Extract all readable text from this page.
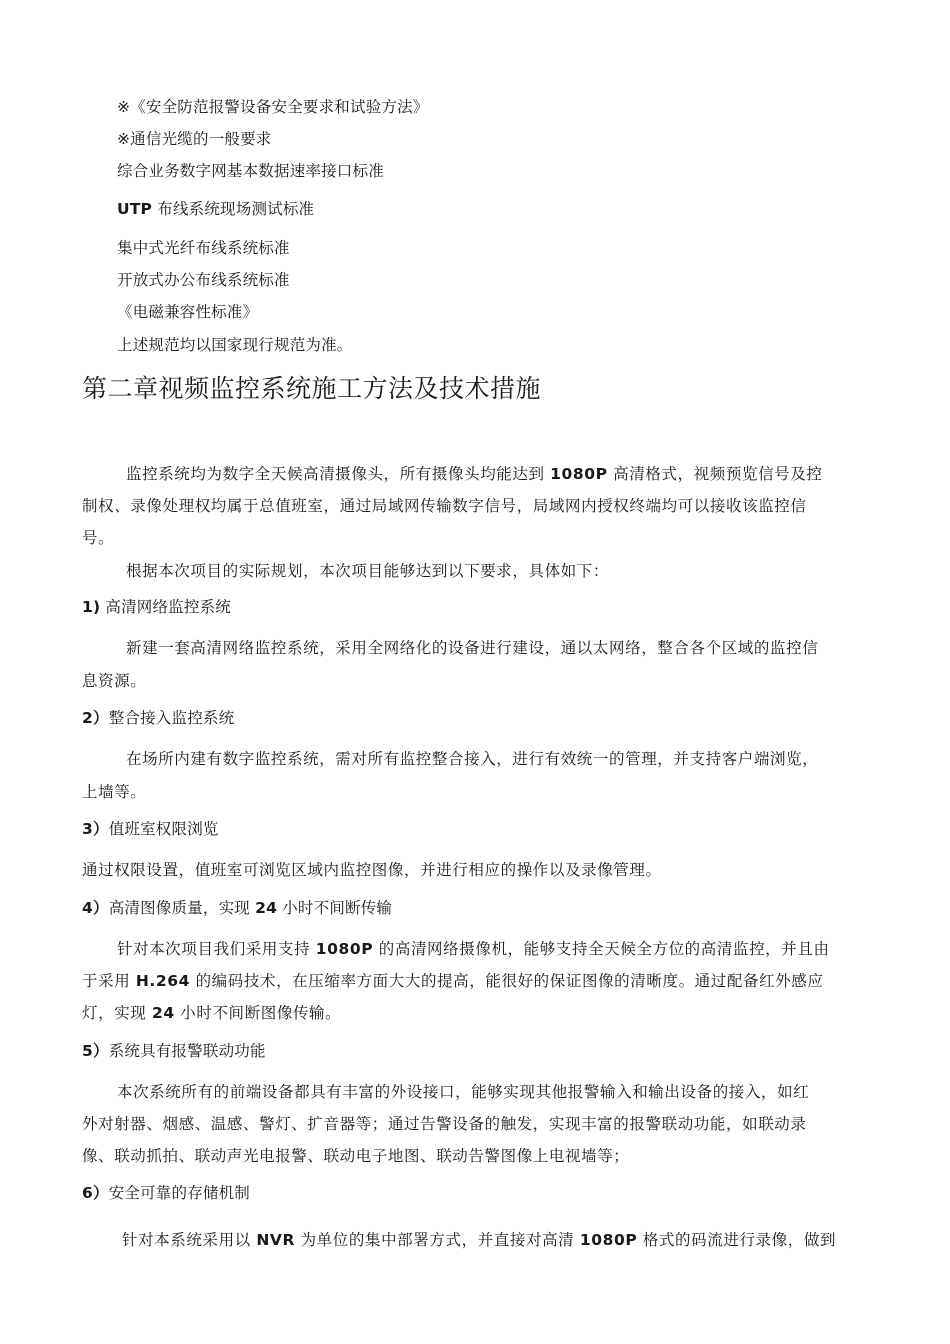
※《安全防范报警设备安全要求和试验方法》
※通信光缆的一般要求
综合业务数字网基本数据速率接口标准
UTP 布线系统现场测试标准
集中式光纤布线系统标准
开放式办公布线系统标准
《电磁兼容性标准》
上述规范均以国家现行规范为准。
第二章视频监控系统施工方法及技术措施
监控系统均为数字全天候高清摄像头，所有摄像头均能达到 1080P 高清格式，视频预览信号及控
制权、录像处理权均属于总值班室，通过局域网传输数字信号，局域网内授权终端均可以接收该监控信
号。
根据本次项目的实际规划，本次项目能够达到以下要求，具体如下：
1) 高清网络监控系统
新建一套高清网络监控系统，采用全网络化的设备进行建设，通以太网络，整合各个区域的监控信
息资源。
2）整合接入监控系统
在场所内建有数字监控系统，需对所有监控整合接入，进行有效统一的管理，并支持客户端浏览，
上墙等。
3）值班室权限浏览
通过权限设置，值班室可浏览区域内监控图像，并进行相应的操作以及录像管理。
4）高清图像质量，实现 24 小时不间断传输
针对本次项目我们采用支持 1080P 的高清网络摄像机，能够支持全天候全方位的高清监控，并且由
于采用 H.264 的编码技术，在压缩率方面大大的提高，能很好的保证图像的清晰度。通过配备红外感应
灯，实现 24 小时不间断图像传输。
5）系统具有报警联动功能
本次系统所有的前端设备都具有丰富的外设接口，能够实现其他报警输入和输出设备的接入，如红
外对射器、烟感、温感、警灯、扩音器等；通过告警设备的触发，实现丰富的报警联动功能，如联动录
像、联动抓拍、联动声光电报警、联动电子地图、联动告警图像上电视墙等；
6）安全可靠的存储机制
针对本系统采用以 NVR 为单位的集中部署方式，并直接对高清 1080P 格式的码流进行录像，做到
